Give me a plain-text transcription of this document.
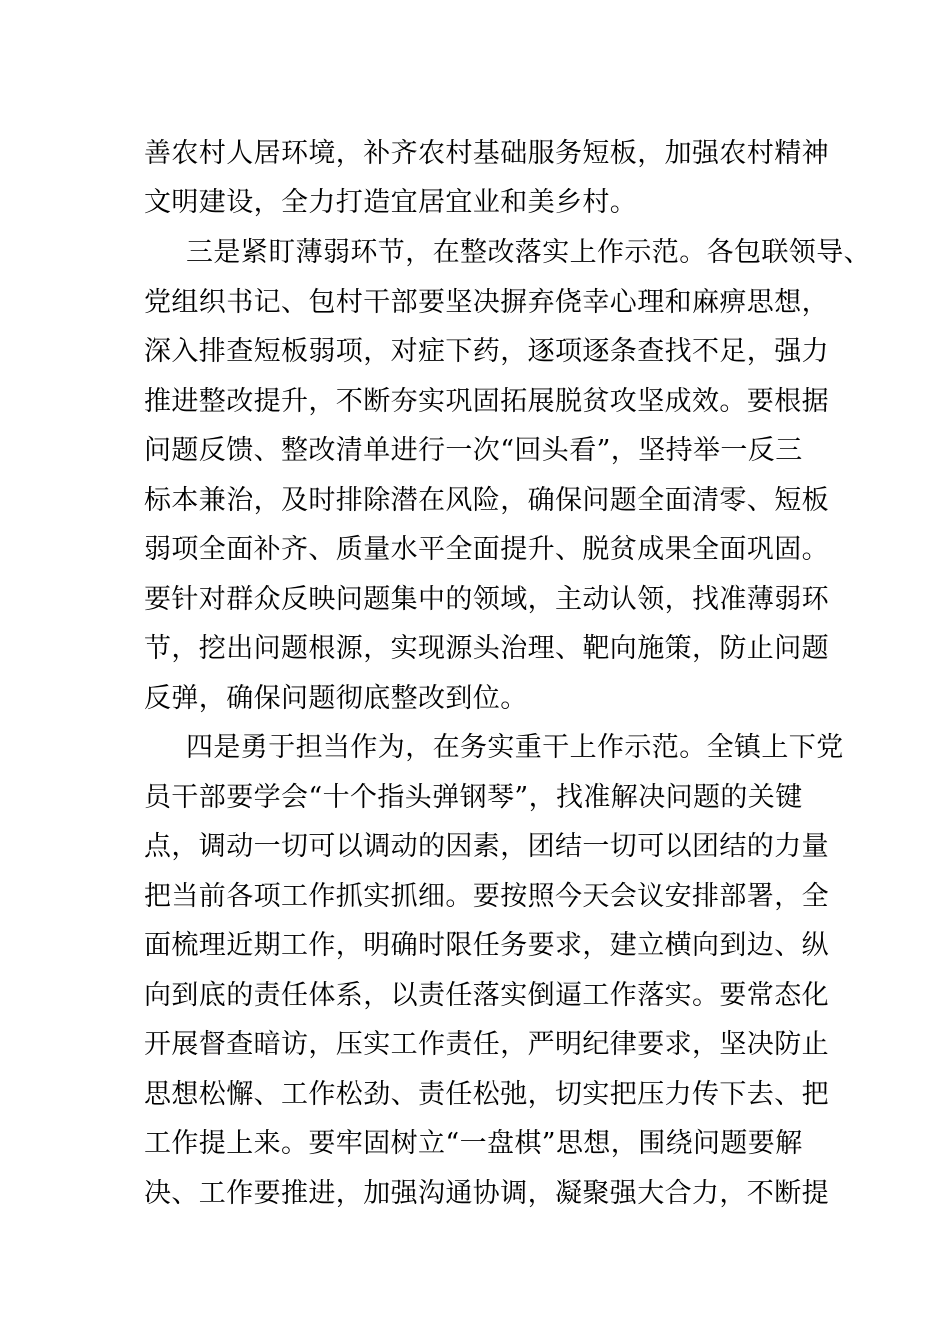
善农村人居环境，补齐农村基础服务短板，加强农村精神
文明建设，全力打造宜居宜业和美乡村。
三是紧盯薄弱环节，在整改落实上作示范。各包联领导、
党组织书记、包村干部要坚决摒弃侥幸心理和麻痹思想，
深入排查短板弱项，对症下药，逐项逐条查找不足，强力
推进整改提升，不断夯实巩固拓展脱贫攻坚成效。要根据
问题反馈、整改清单进行一次“回头看”，坚持举一反三
标本兼治，及时排除潜在风险，确保问题全面清零、短板
弱项全面补齐、质量水平全面提升、脱贫成果全面巩固。
要针对群众反映问题集中的领域，主动认领，找准薄弱环
节，挖出问题根源，实现源头治理、靶向施策，防止问题
反弹，确保问题彻底整改到位。
四是勇于担当作为，在务实重干上作示范。全镇上下党
员干部要学会“十个指头弹钢琴”，找准解决问题的关键
点，调动一切可以调动的因素，团结一切可以团结的力量
把当前各项工作抓实抓细。要按照今天会议安排部署，全
面梳理近期工作，明确时限任务要求，建立横向到边、纵
向到底的责任体系，以责任落实倒逼工作落实。要常态化
开展督查暗访，压实工作责任，严明纪律要求，坚决防止
思想松懈、工作松劲、责任松弛，切实把压力传下去、把
工作提上来。要牢固树立“一盘棋”思想，围绕问题要解
决、工作要推进，加强沟通协调，凝聚强大合力，不断提
